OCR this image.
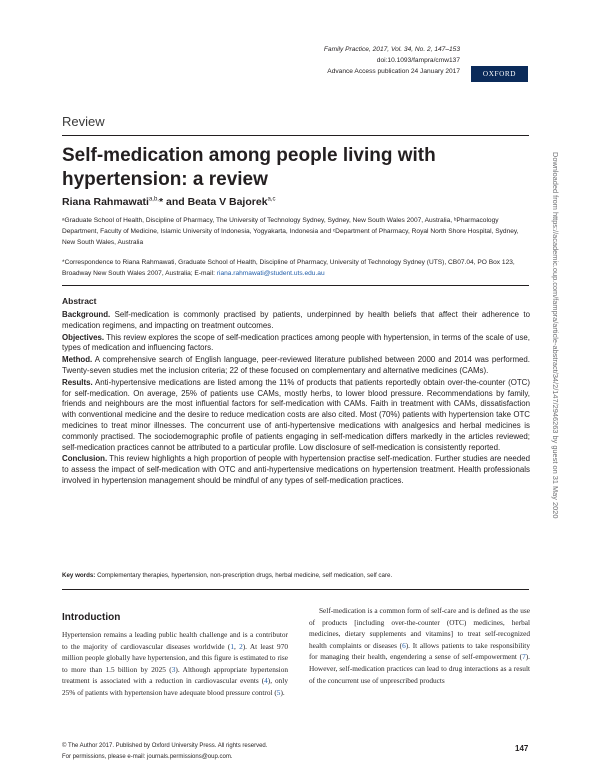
Family Practice, 2017, Vol. 34, No. 2, 147–153
doi:10.1093/fampra/cmw137
Advance Access publication 24 January 2017	OXFORD
Review
Self-medication among people living with hypertension: a review
Riana Rahmawati$^{a,b,}$* and Beata V Bajorek$^{a,c}$
ᵃGraduate School of Health, Discipline of Pharmacy, The University of Technology Sydney, Sydney, New South Wales 2007, Australia, ᵇPharmacology Department, Faculty of Medicine, Islamic University of Indonesia, Yogyakarta, Indonesia and ᶜDepartment of Pharmacy, Royal North Shore Hospital, Sydney, New South Wales, Australia
*Correspondence to Riana Rahmawati, Graduate School of Health, Discipline of Pharmacy, University of Technology Sydney (UTS), CB07.04, PO Box 123, Broadway New South Wales 2007, Australia; E-mail: riana.rahmawati@student.uts.edu.au
Abstract

Background. Self-medication is commonly practised by patients, underpinned by health beliefs that affect their adherence to medication regimens, and impacting on treatment outcomes.

Objectives. This review explores the scope of self-medication practices among people with hypertension, in terms of the scale of use, types of medication and influencing factors.

Method. A comprehensive search of English language, peer-reviewed literature published between 2000 and 2014 was performed. Twenty-seven studies met the inclusion criteria; 22 of these focused on complementary and alternative medicines (CAMs).

Results. Anti-hypertensive medications are listed among the 11% of products that patients reportedly obtain over-the-counter (OTC) for self-medication. On average, 25% of patients use CAMs, mostly herbs, to lower blood pressure. Recommendations by family, friends and neighbours are the most influential factors for self-medication with CAMs. Faith in treatment with CAMs, dissatisfaction with conventional medicine and the desire to reduce medication costs are also cited. Most (70%) patients with hypertension take OTC medicines to treat minor illnesses. The concurrent use of anti-hypertensive medications with analgesics and herbal medicines is commonly practised. The sociodemographic profile of patients engaging in self-medication differs markedly in the articles reviewed; self-medication practices cannot be attributed to a particular profile. Low disclosure of self-medication is consistently reported.

Conclusion. This review highlights a high proportion of people with hypertension practise self-medication. Further studies are needed to assess the impact of self-medication with OTC and anti-hypertensive medications on hypertension treatment. Health professionals involved in hypertension management should be mindful of any types of self-medication practices.

Key words: Complementary therapies, hypertension, non-prescription drugs, herbal medicine, self medication, self care.
Introduction
Hypertension remains a leading public health challenge and is a contributor to the majority of cardiovascular diseases worldwide (1, 2). At least 970 million people globally have hypertension, and this figure is estimated to rise to more than 1.5 billion by 2025 (3). Although appropriate hypertension treatment is associated with a reduction in cardiovascular events (4), only 25% of patients with hypertension have adequate blood pressure control (5).
Self-medication is a common form of self-care and is defined as the use of products [including over-the-counter (OTC) medicines, herbal medicines, dietary supplements and vitamins] to treat self-recognized health complaints or diseases (6). It allows patients to take responsibility for managing their health, engendering a sense of self-empowerment (7). However, self-medication practices can lead to drug interactions as a result of the concurrent use of unprescribed products
© The Author 2017. Published by Oxford University Press. All rights reserved.
For permissions, please e-mail: journals.permissions@oup.com.
147
Downloaded from https://academic.oup.com/fampra/article-abstract/34/2/147/2946263 by guest on 31 May 2020
